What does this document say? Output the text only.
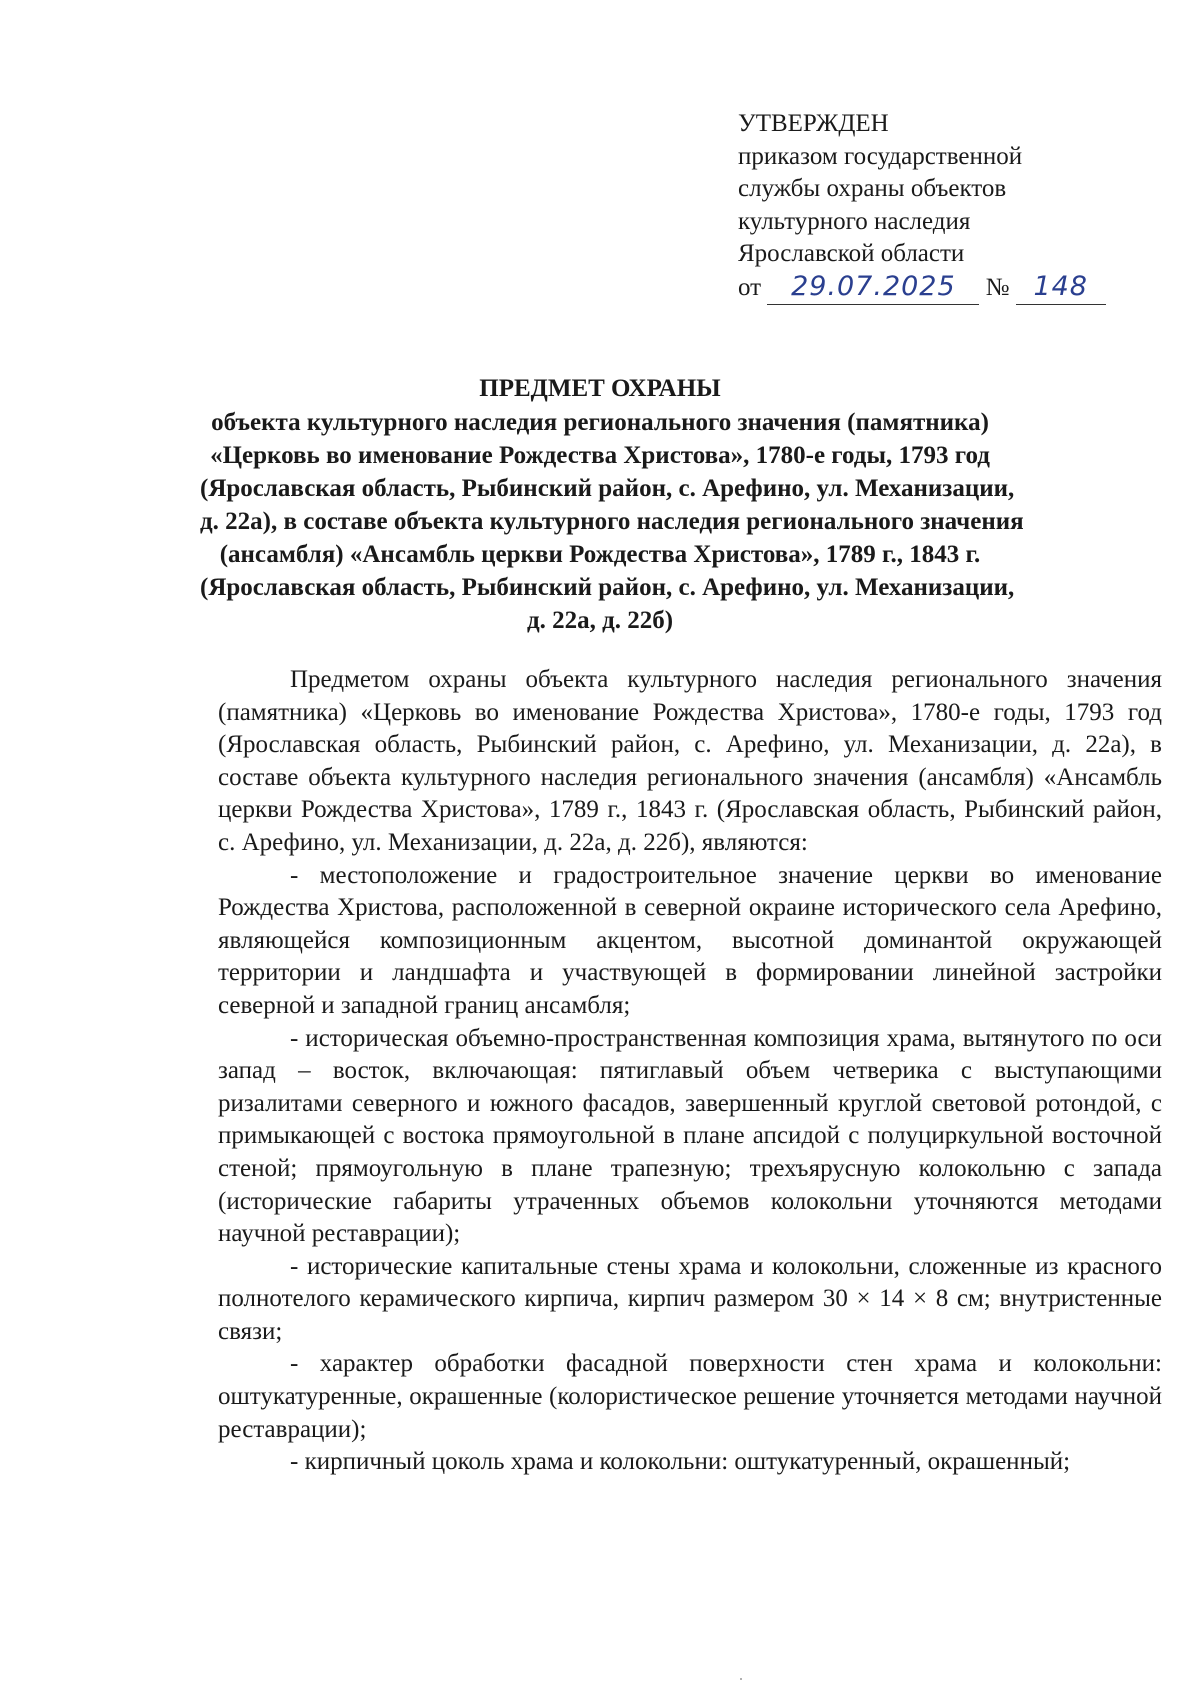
УТВЕРЖДЕН
приказом государственной
службы охраны объектов
культурного наследия
Ярославской области
от 29.07.2025 № 148
ПРЕДМЕТ ОХРАНЫ
объекта культурного наследия регионального значения (памятника)
«Церковь во именование Рождества Христова», 1780-е годы, 1793 год
(Ярославская область, Рыбинский район, с. Арефино, ул. Механизации,
д. 22а), в составе объекта культурного наследия регионального значения
(ансамбля) «Ансамбль церкви Рождества Христова», 1789 г., 1843 г.
(Ярославская область, Рыбинский район, с. Арефино, ул. Механизации,
д. 22а, д. 22б)

Предметом охраны объекта культурного наследия регионального значения (памятника) «Церковь во именование Рождества Христова», 1780-е годы, 1793 год (Ярославская область, Рыбинский район, с. Арефино, ул. Механизации, д. 22а), в составе объекта культурного наследия регионального значения (ансамбля) «Ансамбль церкви Рождества Христова», 1789 г., 1843 г. (Ярославская область, Рыбинский район, с. Арефино, ул. Механизации, д. 22а, д. 22б), являются:

- местоположение и градостроительное значение церкви во именование Рождества Христова, расположенной в северной окраине исторического села Арефино, являющейся композиционным акцентом, высотной доминантой окружающей территории и ландшафта и участвующей в формировании линейной застройки северной и западной границ ансамбля;

- историческая объемно-пространственная композиция храма, вытянутого по оси запад – восток, включающая: пятиглавый объем четверика с выступающими ризалитами северного и южного фасадов, завершенный круглой световой ротондой, с примыкающей с востока прямоугольной в плане апсидой с полуциркульной восточной стеной; прямоугольную в плане трапезную; трехъярусную колокольню с запада (исторические габариты утраченных объемов колокольни уточняются методами научной реставрации);

- исторические капитальные стены храма и колокольни, сложенные из красного полнотелого керамического кирпича, кирпич размером 30 × 14 × 8 см; внутристенные связи;

- характер обработки фасадной поверхности стен храма и колокольни: оштукатуренные, окрашенные (колористическое решение уточняется методами научной реставрации);

- кирпичный цоколь храма и колокольни: оштукатуренный, окрашенный;
